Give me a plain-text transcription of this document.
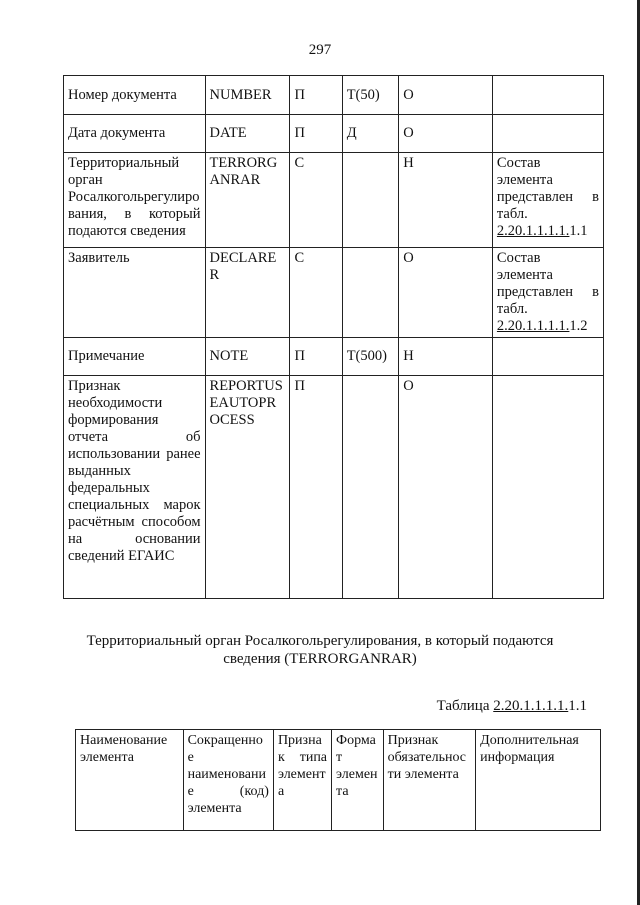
297
Номер документа	NUMBER	П	T(50)	О	
Дата документа	DATE	П	Д	О	
Территориальный орган Росалкогольрегулирования, в который подаются сведения	TERRORGANRAR	С		Н	Состав элемента представлен в табл. 2.20.1.1.1.1.1.1
Заявитель	DECLARER	С		О	Состав элемента представлен в табл. 2.20.1.1.1.1.1.2
Примечание	NOTE	П	T(500)	Н	
Признак необходимости формирования отчета об использовании ранее выданных федеральных специальных марок расчётным способом на основании сведений ЕГАИС	REPORTUSEAUTOPROCESS	П		О	
Территориальный орган Росалкогольрегулирования, в который подаются сведения (TERRORGANRAR)
Таблица 2.20.1.1.1.1.1.1
Наименование элемента	Сокращенное наименование (код) элемента	Признак типа элемента	Формат элемента	Признак обязательности элемента	Дополнительная информация
